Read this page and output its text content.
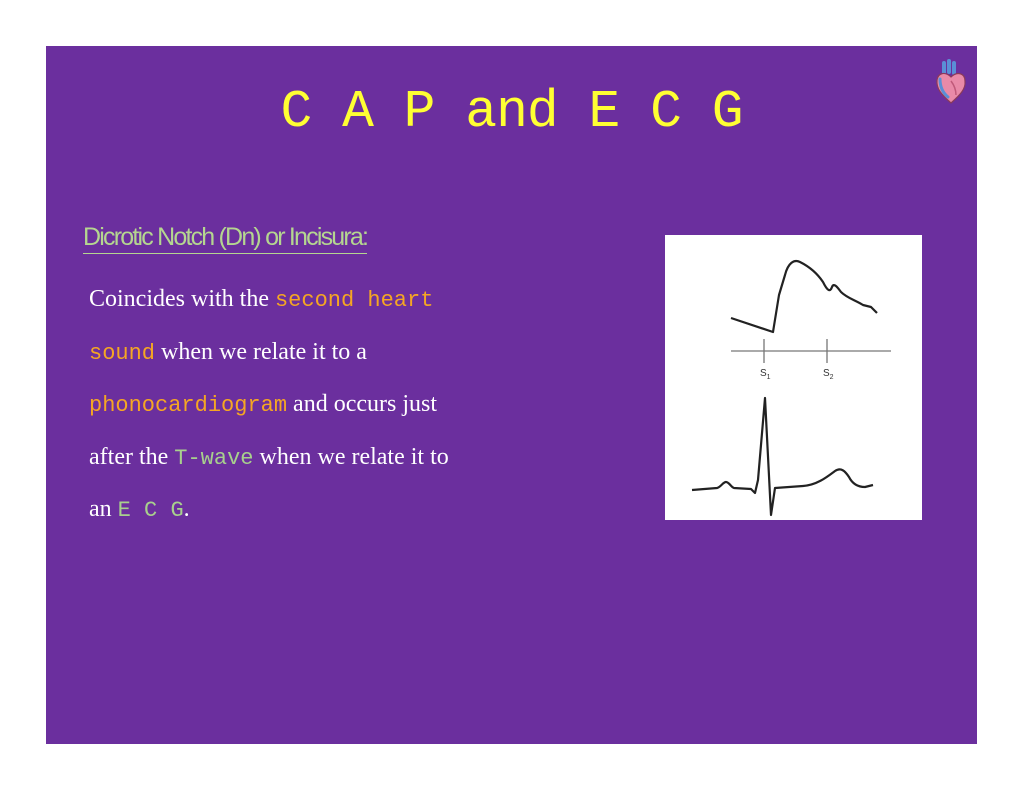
C A P and E C G
Dicrotic Notch (Dn) or Incisura:
Coincides with the second heart
sound when we relate it to a
phonocardiogram and occurs just
after the T-wave when we relate it to
an E C G.
$S_1$	$S_2$
